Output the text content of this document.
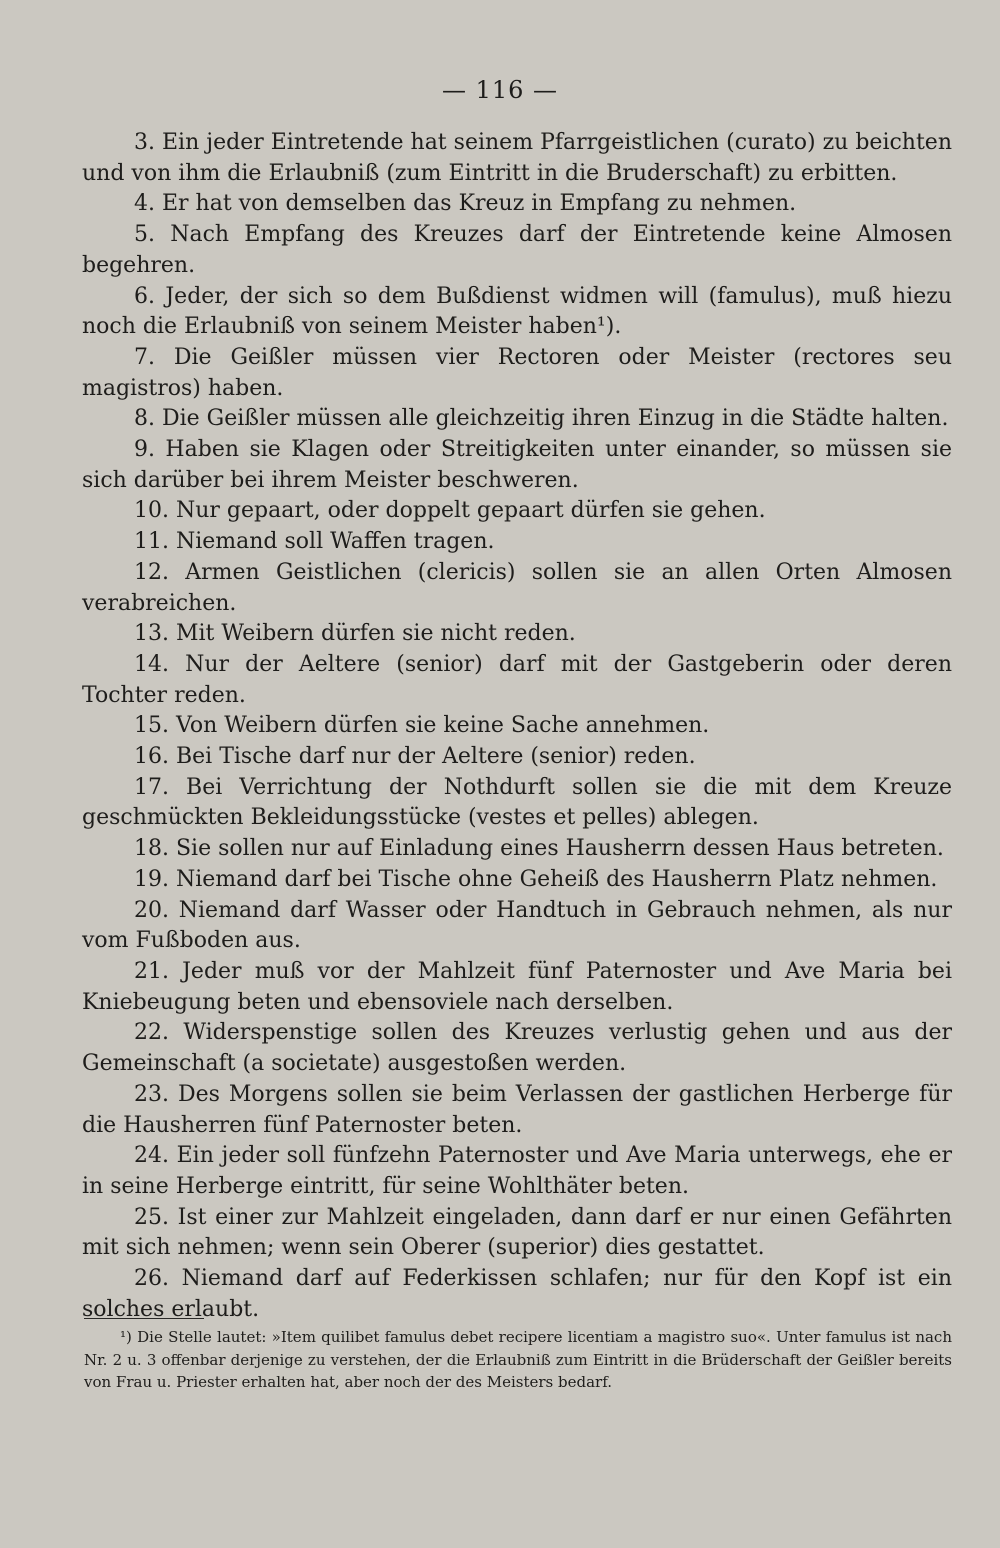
— 116 —

3. Ein jeder Eintretende hat seinem Pfarrgeistlichen (curato) zu beichten und von ihm die Erlaubniß (zum Eintritt in die Bruderschaft) zu erbitten.

4. Er hat von demselben das Kreuz in Empfang zu nehmen.

5. Nach Empfang des Kreuzes darf der Eintretende keine Almosen begehren.

6. Jeder, der sich so dem Bußdienst widmen will (famulus), muß hiezu noch die Erlaubniß von seinem Meister haben¹).

7. Die Geißler müssen vier Rectoren oder Meister (rectores seu magistros) haben.

8. Die Geißler müssen alle gleichzeitig ihren Einzug in die Städte halten.

9. Haben sie Klagen oder Streitigkeiten unter einander, so müssen sie sich darüber bei ihrem Meister beschweren.

10. Nur gepaart, oder doppelt gepaart dürfen sie gehen.

11. Niemand soll Waffen tragen.

12. Armen Geistlichen (clericis) sollen sie an allen Orten Almosen verabreichen.

13. Mit Weibern dürfen sie nicht reden.

14. Nur der Aeltere (senior) darf mit der Gastgeberin oder deren Tochter reden.

15. Von Weibern dürfen sie keine Sache annehmen.

16. Bei Tische darf nur der Aeltere (senior) reden.

17. Bei Verrichtung der Nothdurft sollen sie die mit dem Kreuze geschmückten Bekleidungsstücke (vestes et pelles) ablegen.

18. Sie sollen nur auf Einladung eines Hausherrn dessen Haus betreten.

19. Niemand darf bei Tische ohne Geheiß des Hausherrn Platz nehmen.

20. Niemand darf Wasser oder Handtuch in Gebrauch nehmen, als nur vom Fußboden aus.

21. Jeder muß vor der Mahlzeit fünf Paternoster und Ave Maria bei Kniebeugung beten und ebensoviele nach derselben.

22. Widerspenstige sollen des Kreuzes verlustig gehen und aus der Gemeinschaft (a societate) ausgestoßen werden.

23. Des Morgens sollen sie beim Verlassen der gastlichen Herberge für die Hausherren fünf Paternoster beten.

24. Ein jeder soll fünfzehn Paternoster und Ave Maria unterwegs, ehe er in seine Herberge eintritt, für seine Wohlthäter beten.

25. Ist einer zur Mahlzeit eingeladen, dann darf er nur einen Gefährten mit sich nehmen; wenn sein Oberer (superior) dies gestattet.

26. Niemand darf auf Federkissen schlafen; nur für den Kopf ist ein solches erlaubt.

¹) Die Stelle lautet: »Item quilibet famulus debet recipere licentiam a magistro suo«. Unter famulus ist nach Nr. 2 u. 3 offenbar derjenige zu verstehen, der die Erlaubniß zum Eintritt in die Brüderschaft der Geißler bereits von Frau u. Priester erhalten hat, aber noch der des Meisters bedarf.
